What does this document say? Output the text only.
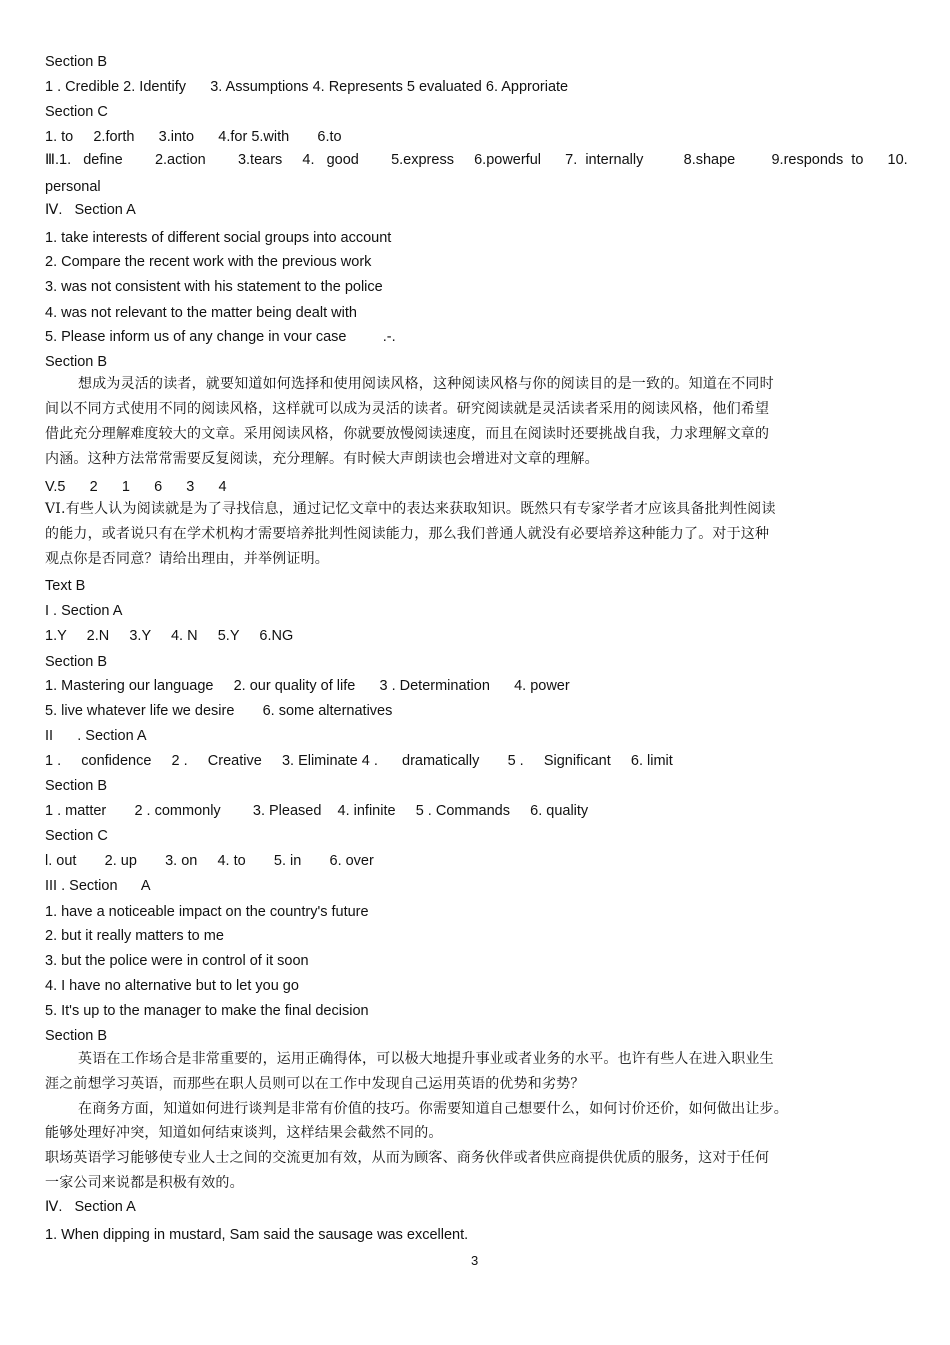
Section B
1 . Credible 2. Identify      3. Assumptions 4. Represents 5 evaluated 6. Approriate
Section C
1. to     2.forth      3.into      4.for 5.with       6.to
Ⅲ.1.   define        2.action        3.tears     4.   good        5.express     6.powerful      7.  internally          8.shape         9.responds  to      10.
personal
Ⅳ.   Section A
1. take interests of different social groups into account
2. Compare the recent work with the previous work
3. was not consistent with his statement to the police
4. was not relevant to the matter being dealt with
5. Please inform us of any change in vour case         .-.
Section B
想成为灵活的读者，就要知道如何选择和使用阅读风格，这种阅读风格与你的阅读目的是一致的。知道在不同时
间以不同方式使用不同的阅读风格，这样就可以成为灵活的读者。研究阅读就是灵活读者采用的阅读风格，他们希望
借此充分理解难度较大的文章。采用阅读风格，你就要放慢阅读速度，而且在阅读时还要挑战自我，力求理解文章的
内涵。这种方法常常需要反复阅读，充分理解。有时候大声朗读也会增进对文章的理解。
V.5      2      1      6      3      4
VI.有些人认为阅读就是为了寻找信息，通过记忆文章中的表达来获取知识。既然只有专家学者才应该具备批判性阅读
的能力，或者说只有在学术机构才需要培养批判性阅读能力，那么我们普通人就没有必要培养这种能力了。对于这种
观点你是否同意？请给出理由，并举例证明。
Text B
I . Section A
1.Y     2.N     3.Y     4. N     5.Y     6.NG
Section B
1. Mastering our language     2. our quality of life      3 . Determination      4. power
5. live whatever life we desire       6. some alternatives
II      . Section A
1 .     confidence     2 .     Creative     3. Eliminate 4 .      dramatically       5 .     Significant     6. limit
Section B
1 . matter       2 . commonly        3. Pleased    4. infinite     5 . Commands     6. quality
Section C
l. out       2. up       3. on     4. to       5. in       6. over
III . Section      A
1. have a noticeable impact on the country's future
2. but it really matters to me
3. but the police were in control of it soon
4. I have no alternative but to let you go
5. It's up to the manager to make the final decision
Section B
英语在工作场合是非常重要的，运用正确得体，可以极大地提升事业或者业务的水平。也许有些人在进入职业生
涯之前想学习英语，而那些在职人员则可以在工作中发现自己运用英语的优势和劣势？
在商务方面，知道如何进行谈判是非常有价值的技巧。你需要知道自己想要什么，如何讨价还价，如何做出让步。
能够处理好冲突，知道如何结束谈判，这样结果会截然不同的。
职场英语学习能够使专业人士之间的交流更加有效，从而为顾客、商务伙伴或者供应商提供优质的服务，这对于任何
一家公司来说都是积极有效的。
Ⅳ.   Section A
1. When dipping in mustard, Sam said the sausage was excellent.
3
